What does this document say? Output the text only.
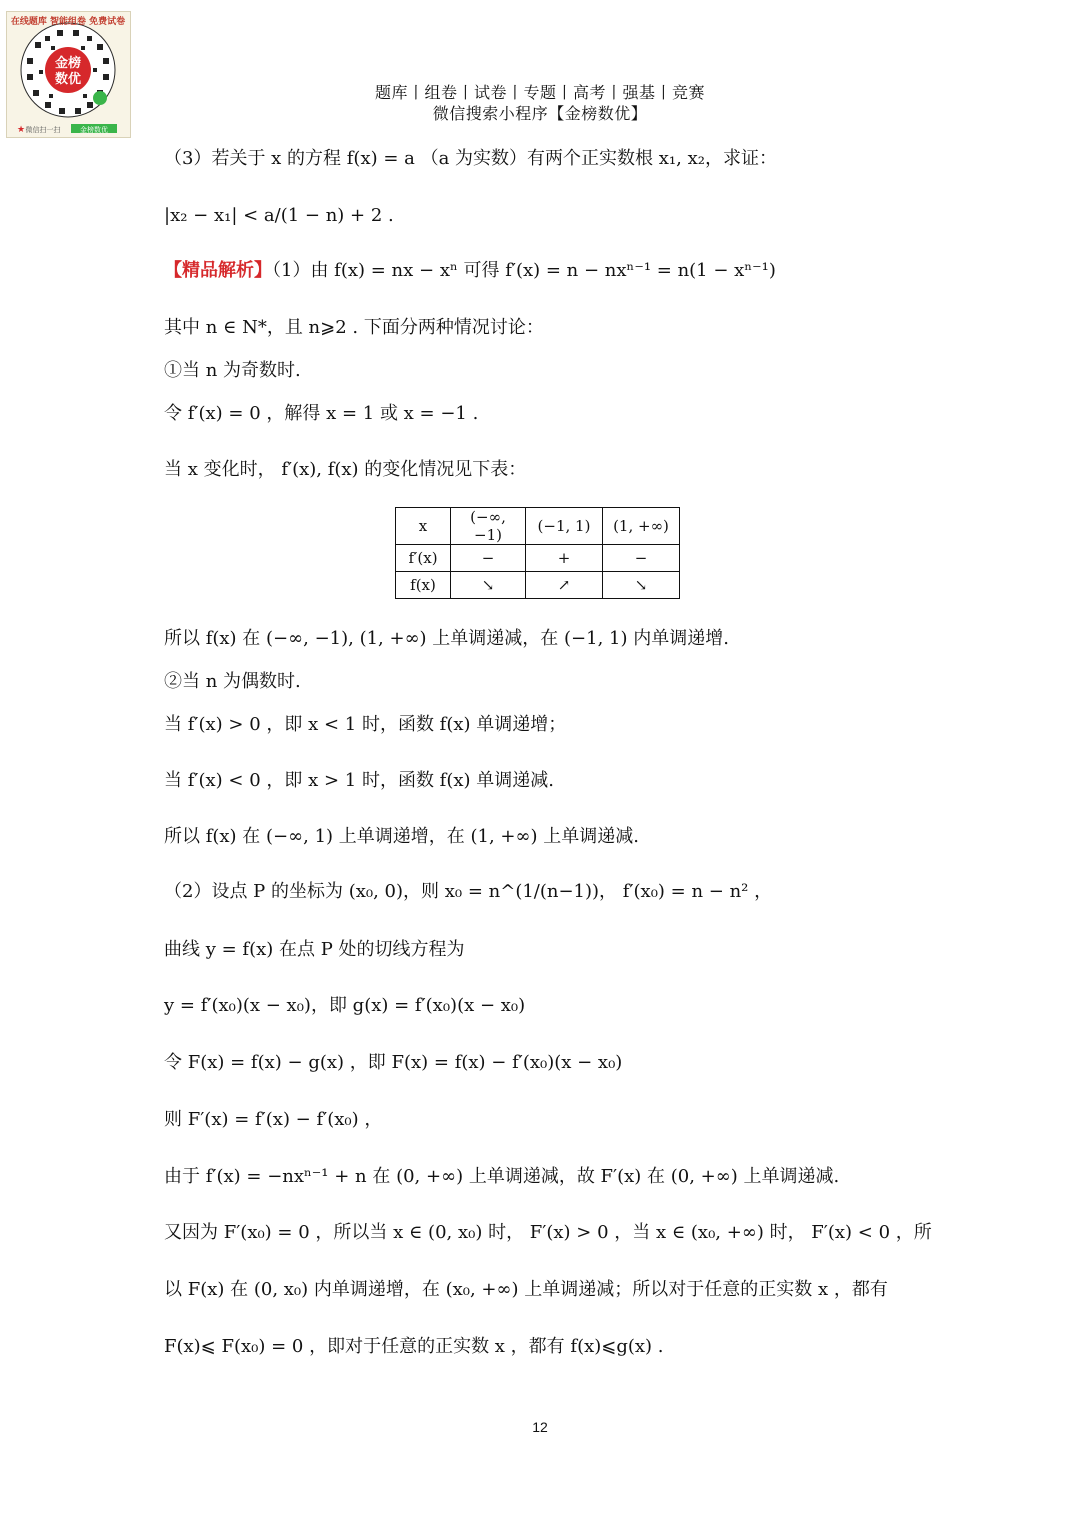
金榜
数优
在线题库 智能组卷 免费试卷
微信扫一扫	金榜数优
★
题库丨组卷丨试卷丨专题丨高考丨强基丨竞赛
微信搜索小程序【金榜数优】
（3）若关于 x 的方程 f(x) = a （a 为实数）有两个正实数根 x₁, x₂，求证：
|x₂ − x₁| < a/(1 − n) + 2 .
【精品解析】（1）由 f(x) = nx − xⁿ 可得 f′(x) = n − nxⁿ⁻¹ = n(1 − xⁿ⁻¹)
其中 n ∈ N*，且 n⩾2 . 下面分两种情况讨论：
①当 n 为奇数时.
令 f′(x) = 0 ，解得 x = 1 或 x = −1 .
当 x 变化时， f′(x), f(x) 的变化情况见下表：
x	(−∞, −1)	(−1, 1)	(1, +∞)
f′(x)	−	+	−
f(x)	↘	↗	↘
所以 f(x) 在 (−∞, −1), (1, +∞) 上单调递减，在 (−1, 1) 内单调递增.
②当 n 为偶数时.
当 f′(x) > 0 ，即 x < 1 时，函数 f(x) 单调递增；
当 f′(x) < 0 ，即 x > 1 时，函数 f(x) 单调递减.
所以 f(x) 在 (−∞, 1) 上单调递增，在 (1, +∞) 上单调递减.
（2）设点 P 的坐标为 (x₀, 0)，则 x₀ = n^(1/(n−1))， f′(x₀) = n − n² ，
曲线 y = f(x) 在点 P 处的切线方程为
y = f′(x₀)(x − x₀)，即 g(x) = f′(x₀)(x − x₀)
令 F(x) = f(x) − g(x) ，即 F(x) = f(x) − f′(x₀)(x − x₀)
则 F′(x) = f′(x) − f′(x₀) ，
由于 f′(x) = −nxⁿ⁻¹ + n 在 (0, +∞) 上单调递减，故 F′(x) 在 (0, +∞) 上单调递减.
又因为 F′(x₀) = 0 ，所以当 x ∈ (0, x₀) 时， F′(x) > 0 ，当 x ∈ (x₀, +∞) 时， F′(x) < 0 ，所
以 F(x) 在 (0, x₀) 内单调递增，在 (x₀, +∞) 上单调递减；所以对于任意的正实数 x ，都有
F(x)⩽ F(x₀) = 0 ，即对于任意的正实数 x ，都有 f(x)⩽g(x) .
12
